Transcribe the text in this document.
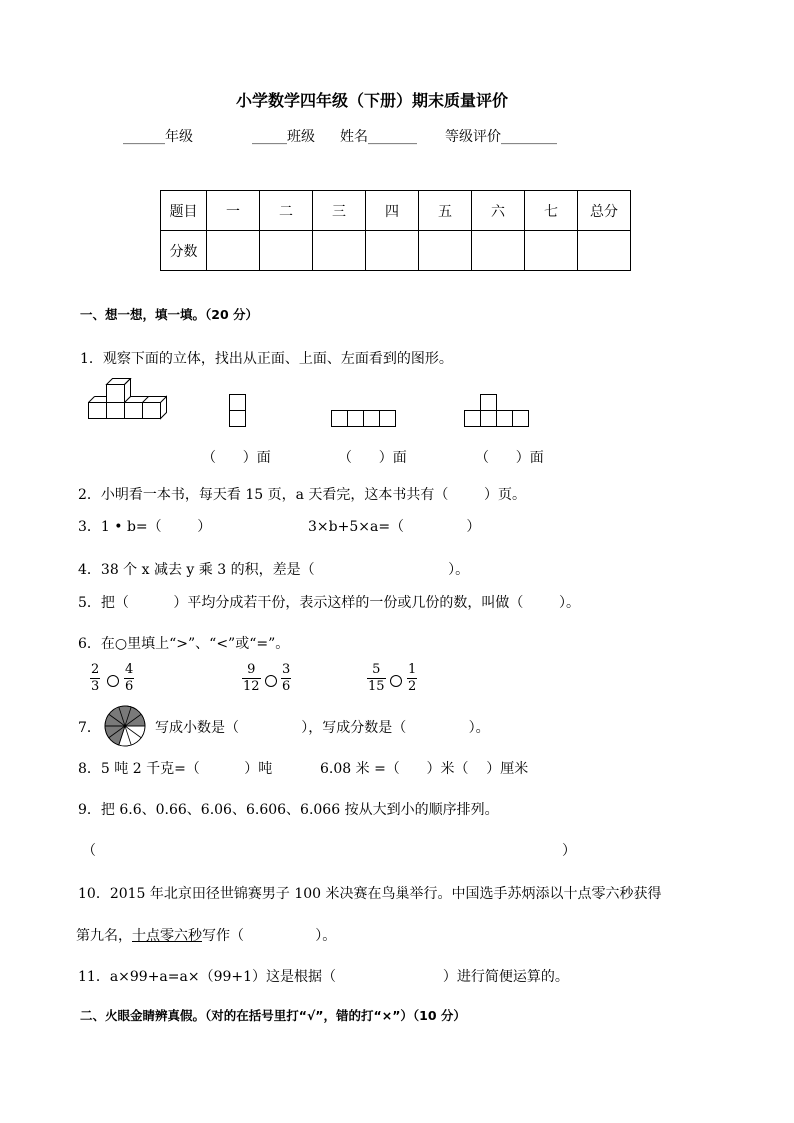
小学数学四年级（下册）期末质量评价
______年级	_____班级 姓名_______ 等级评价________
题目	一	二	三	四	五	六	七	总分
分数								
一、想一想，填一填。（20 分）
1．观察下面的立体，找出从正面、上面、左面看到的图形。
（      ）面	（      ）面	（      ）面
2．小明看一本书，每天看 15 页，a 天看完，这本书共有（        ）页。
3．1 • b=（        ）	3×b+5×a=（              ）
4．38 个 x 减去 y 乘 3 的积，差是（                              ）。
5．把（          ）平均分成若干份，表示这样的一份或几份的数，叫做（        ）。
6．在○里填上“>”、“<”或“=”。
2
3
4
6
9
12
3
6
5
15
1
2
7．	写成小数是（              ），写成分数是（              ）。
8．5 吨 2 千克=（          ）吨	6.08 米 =（      ）米（    ）厘米
9．把 6.6、0.66、6.06、6.606、6.066 按从大到小的顺序排列。
（	）
10．2015 年北京田径世锦赛男子 100 米决赛在鸟巢举行。中国选手苏炳添以十点零六秒获得
第九名，十点零六秒写作（                ）。
11．a×99+a=a×（99+1）这是根据（                        ）进行简便运算的。
二、火眼金睛辨真假。（对的在括号里打“√”，错的打“×”）（10 分）
